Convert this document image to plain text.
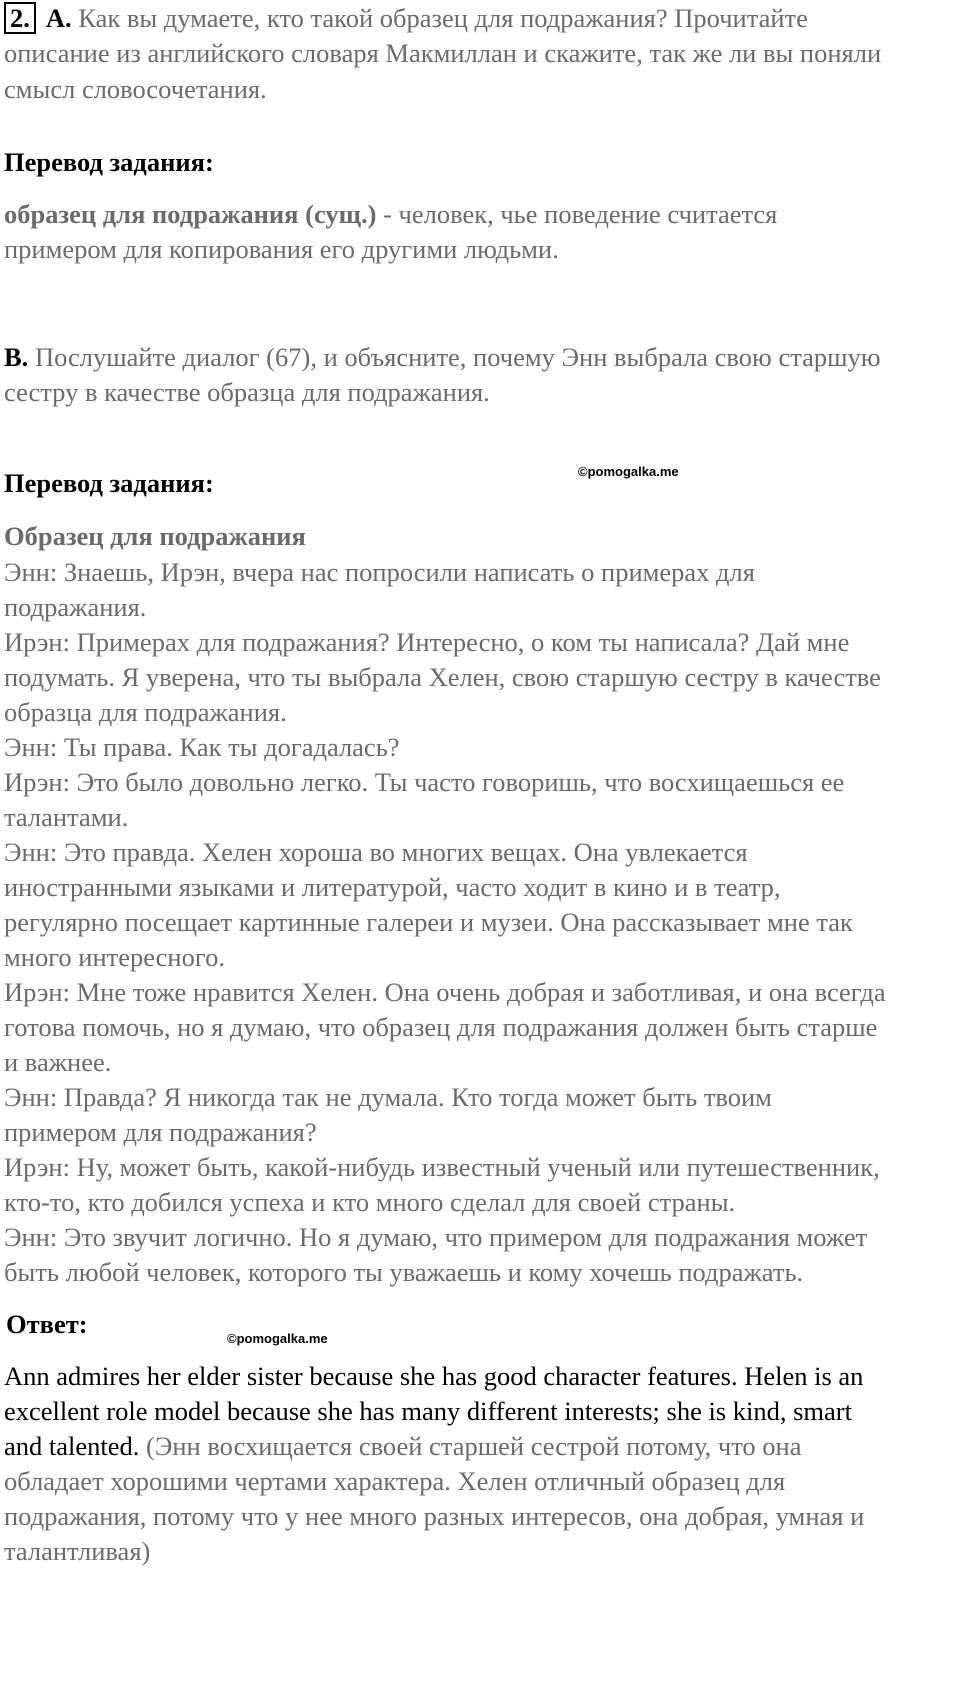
2. A. Как вы думаете, кто такой образец для подражания? Прочитайте
описание из английского словаря Макмиллан и скажите, так же ли вы поняли
смысл словосочетания.
Перевод задания:
образец для подражания (сущ.) - человек, чье поведение считается
примером для копирования его другими людьми.
B. Послушайте диалог (67), и объясните, почему Энн выбрала свою старшую
сестру в качестве образца для подражания.
©pomogalka.me
Перевод задания:
Образец для подражания
Энн: Знаешь, Ирэн, вчера нас попросили написать о примерах для
подражания.
Ирэн: Примерах для подражания? Интересно, о ком ты написала? Дай мне
подумать. Я уверена, что ты выбрала Хелен, свою старшую сестру в качестве
образца для подражания.
Энн: Ты права. Как ты догадалась?
Ирэн: Это было довольно легко. Ты часто говоришь, что восхищаешься ее
талантами.
Энн: Это правда. Хелен хороша во многих вещах. Она увлекается
иностранными языками и литературой, часто ходит в кино и в театр,
регулярно посещает картинные галереи и музеи. Она рассказывает мне так
много интересного.
Ирэн: Мне тоже нравится Хелен. Она очень добрая и заботливая, и она всегда
готова помочь, но я думаю, что образец для подражания должен быть старше
и важнее.
Энн: Правда? Я никогда так не думала. Кто тогда может быть твоим
примером для подражания?
Ирэн: Ну, может быть, какой-нибудь известный ученый или путешественник,
кто-то, кто добился успеха и кто много сделал для своей страны.
Энн: Это звучит логично. Но я думаю, что примером для подражания может
быть любой человек, которого ты уважаешь и кому хочешь подражать.
Ответ:	©pomogalka.me
Ann admires her elder sister because she has good character features. Helen is an
excellent role model because she has many different interests; she is kind, smart
and talented. (Энн восхищается своей старшей сестрой потому, что она
обладает хорошими чертами характера. Хелен отличный образец для
подражания, потому что у нее много разных интересов, она добрая, умная и
талантливая)
